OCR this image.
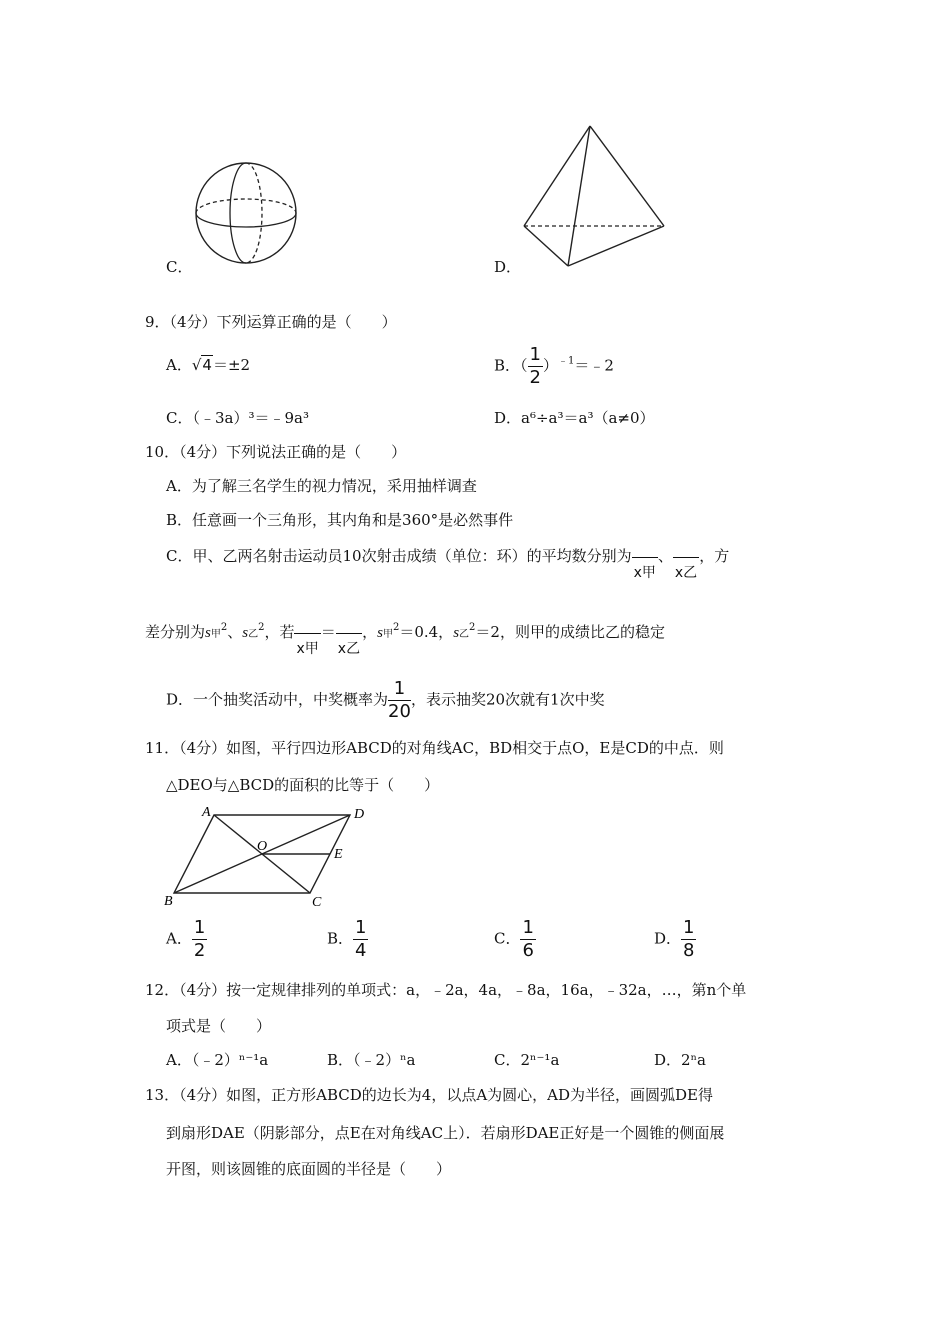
C．	D．
9．（4分）下列运算正确的是（　　）
A．√4＝±2	B．（ $\frac{1}{2}$ ）$^{﹣1}$＝﹣2
C．（﹣3a）³＝﹣9a³	D．a⁶÷a³＝a³（a≠0）
10．（4分）下列说法正确的是（　　）
A．为了解三名学生的视力情况，采用抽样调查
B．任意画一个三角形，其内角和是360°是必然事件
C．甲、乙两名射击运动员10次射击成绩（单位：环）的平均数分别为x甲、x乙，方
差分别为s甲$^2$、s乙$^2$，若x甲＝x乙，s甲$^2$＝0.4，s乙$^2$＝2，则甲的成绩比乙的稳定
D．一个抽奖活动中，中奖概率为 $\frac{1}{20}$ ，表示抽奖20次就有1次中奖
11．（4分）如图，平行四边形ABCD的对角线AC，BD相交于点O，E是CD的中点．则
△DEO与△BCD的面积的比等于（　　）
A	D
O
E
B	C
A． $\frac{1}{2}$	B． $\frac{1}{4}$	C． $\frac{1}{6}$	D． $\frac{1}{8}$
12．（4分）按一定规律排列的单项式：a，﹣2a，4a，﹣8a，16a，﹣32a，…，第n个单
项式是（　　）
A．（﹣2）ⁿ⁻¹a	B．（﹣2）ⁿa	C．2ⁿ⁻¹a	D．2ⁿa
13．（4分）如图，正方形ABCD的边长为4，以点A为圆心，AD为半径，画圆弧DE得
到扇形DAE（阴影部分，点E在对角线AC上）．若扇形DAE正好是一个圆锥的侧面展
开图，则该圆锥的底面圆的半径是（　　）
